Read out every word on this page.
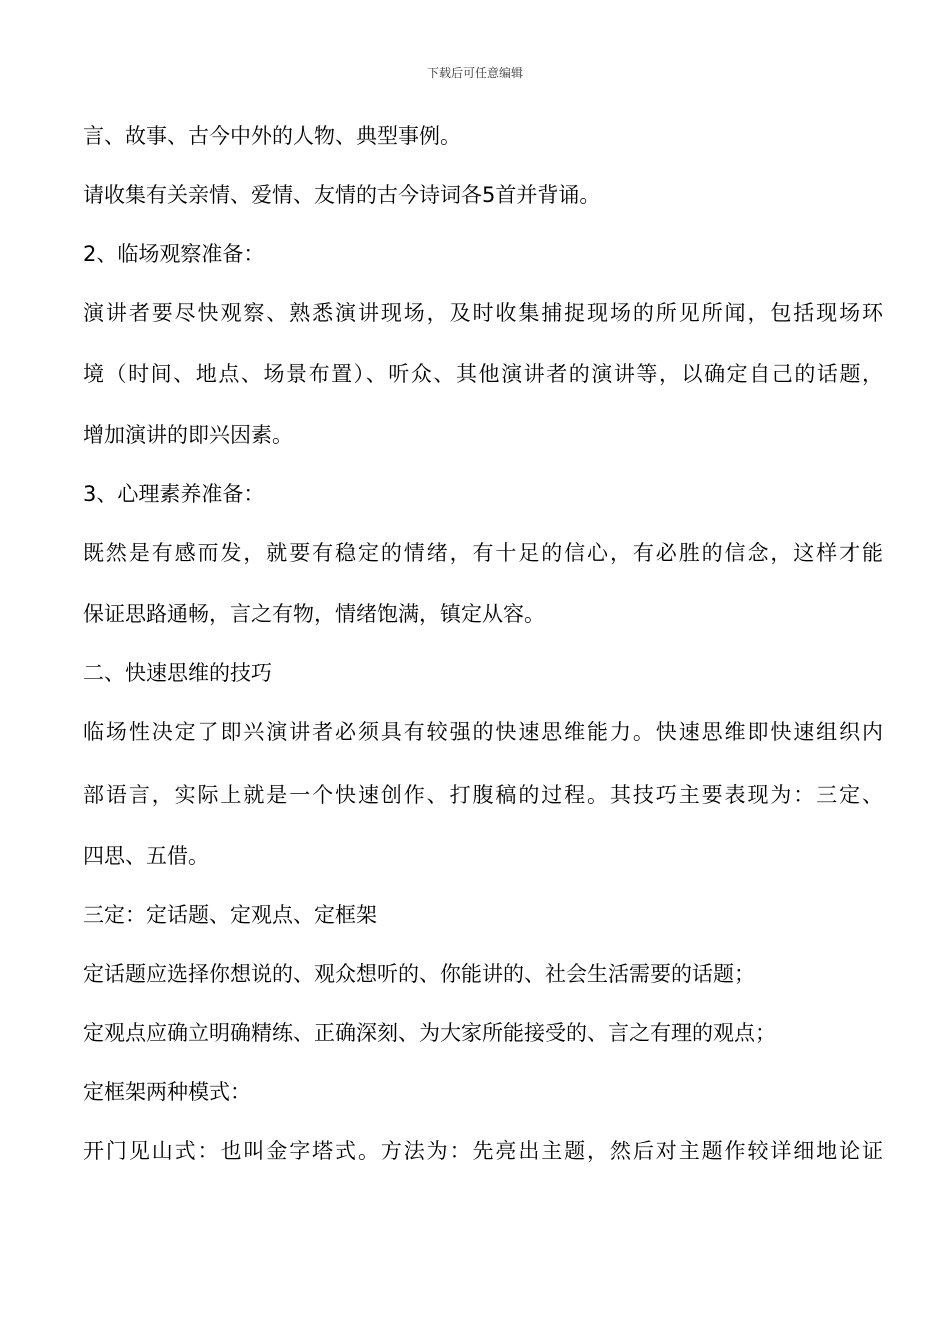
下载后可任意编辑
言、故事、古今中外的人物、典型事例。
请收集有关亲情、爱情、友情的古今诗词各5首并背诵。
2、临场观察准备：
演讲者要尽快观察、熟悉演讲现场，及时收集捕捉现场的所见所闻，包括现场环
境（时间、地点、场景布置）、听众、其他演讲者的演讲等，以确定自己的话题，
增加演讲的即兴因素。
3、心理素养准备：
既然是有感而发，就要有稳定的情绪，有十足的信心，有必胜的信念，这样才能
保证思路通畅，言之有物，情绪饱满，镇定从容。
二、快速思维的技巧
临场性决定了即兴演讲者必须具有较强的快速思维能力。快速思维即快速组织内
部语言，实际上就是一个快速创作、打腹稿的过程。其技巧主要表现为：三定、
四思、五借。
三定：定话题、定观点、定框架
定话题应选择你想说的、观众想听的、你能讲的、社会生活需要的话题；
定观点应确立明确精练、正确深刻、为大家所能接受的、言之有理的观点；
定框架两种模式：
开门见山式：也叫金字塔式。方法为：先亮出主题，然后对主题作较详细地论证
